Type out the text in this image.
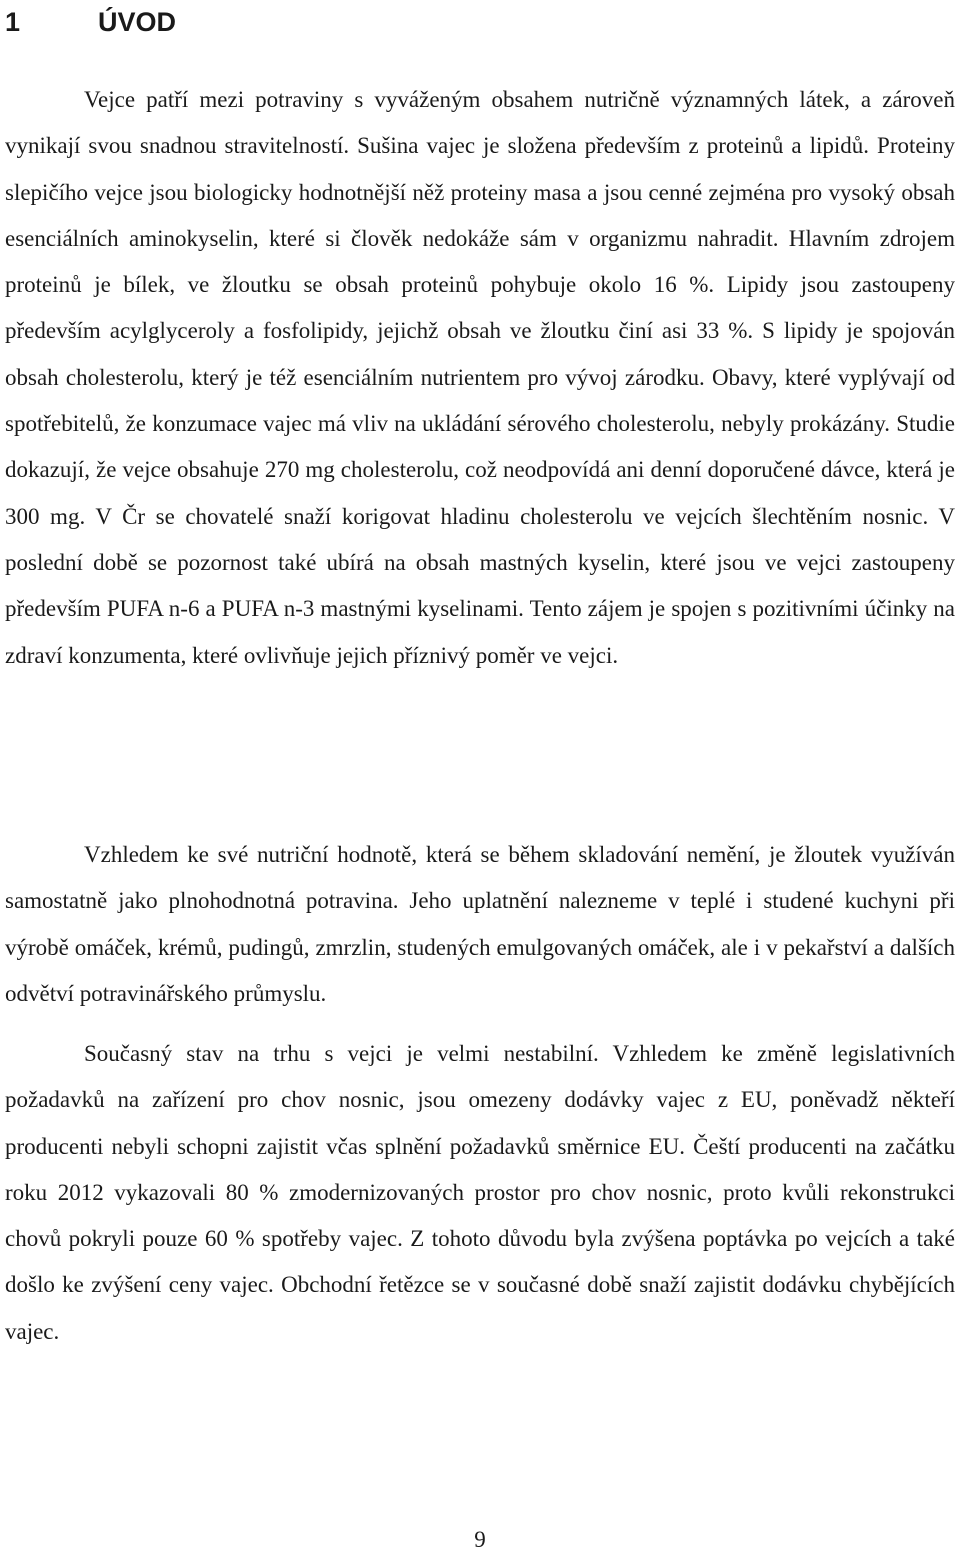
1	ÚVOD

Vejce patří mezi potraviny s vyváženým obsahem nutričně významných látek, a zároveň vynikají svou snadnou stravitelností. Sušina vajec je složena především z proteinů a lipidů. Proteiny slepičího vejce jsou biologicky hodnotnější něž proteiny masa a jsou cenné zejména pro vysoký obsah esenciálních aminokyselin, které si člověk nedokáže sám v organizmu nahradit. Hlavním zdrojem proteinů je bílek, ve žloutku se obsah proteinů pohybuje okolo 16 %. Lipidy jsou zastoupeny především acylglyceroly a fosfolipidy, jejichž obsah ve žloutku činí asi 33 %. S lipidy je spojován obsah cholesterolu, který je též esenciálním nutrientem pro vývoj zárodku. Obavy, které vyplývají od spotřebitelů, že konzumace vajec má vliv na ukládání sérového cholesterolu, nebyly prokázány. Studie dokazují, že vejce obsahuje 270 mg cholesterolu, což neodpovídá ani denní doporučené dávce, která je 300 mg. V Čr se chovatelé snaží korigovat hladinu cholesterolu ve vejcích šlechtěním nosnic. V poslední době se pozornost také ubírá na obsah mastných kyselin, které jsou ve vejci zastoupeny především PUFA n-6 a PUFA n-3 mastnými kyselinami. Tento zájem je spojen s pozitivními účinky na zdraví konzumenta, které ovlivňuje jejich příznivý poměr ve vejci.

Vzhledem ke své nutriční hodnotě, která se během skladování nemění, je žloutek využíván samostatně jako plnohodnotná potravina. Jeho uplatnění nalezneme v teplé i studené kuchyni při výrobě omáček, krémů, pudingů, zmrzlin, studených emulgovaných omáček, ale i v pekařství a dalších odvětví potravinářského průmyslu.

Současný stav na trhu s vejci je velmi nestabilní. Vzhledem ke změně legislativních požadavků na zařízení pro chov nosnic, jsou omezeny dodávky vajec z EU, poněvadž někteří producenti nebyli schopni zajistit včas splnění požadavků směrnice EU. Čeští producenti na začátku roku 2012 vykazovali 80 % zmodernizovaných prostor pro chov nosnic, proto kvůli rekonstrukci chovů pokryli pouze 60 % spotřeby vajec. Z tohoto důvodu byla zvýšena poptávka po vejcích a také došlo ke zvýšení ceny vajec. Obchodní řetězce se v současné době snaží zajistit dodávku chybějících vajec.

9
